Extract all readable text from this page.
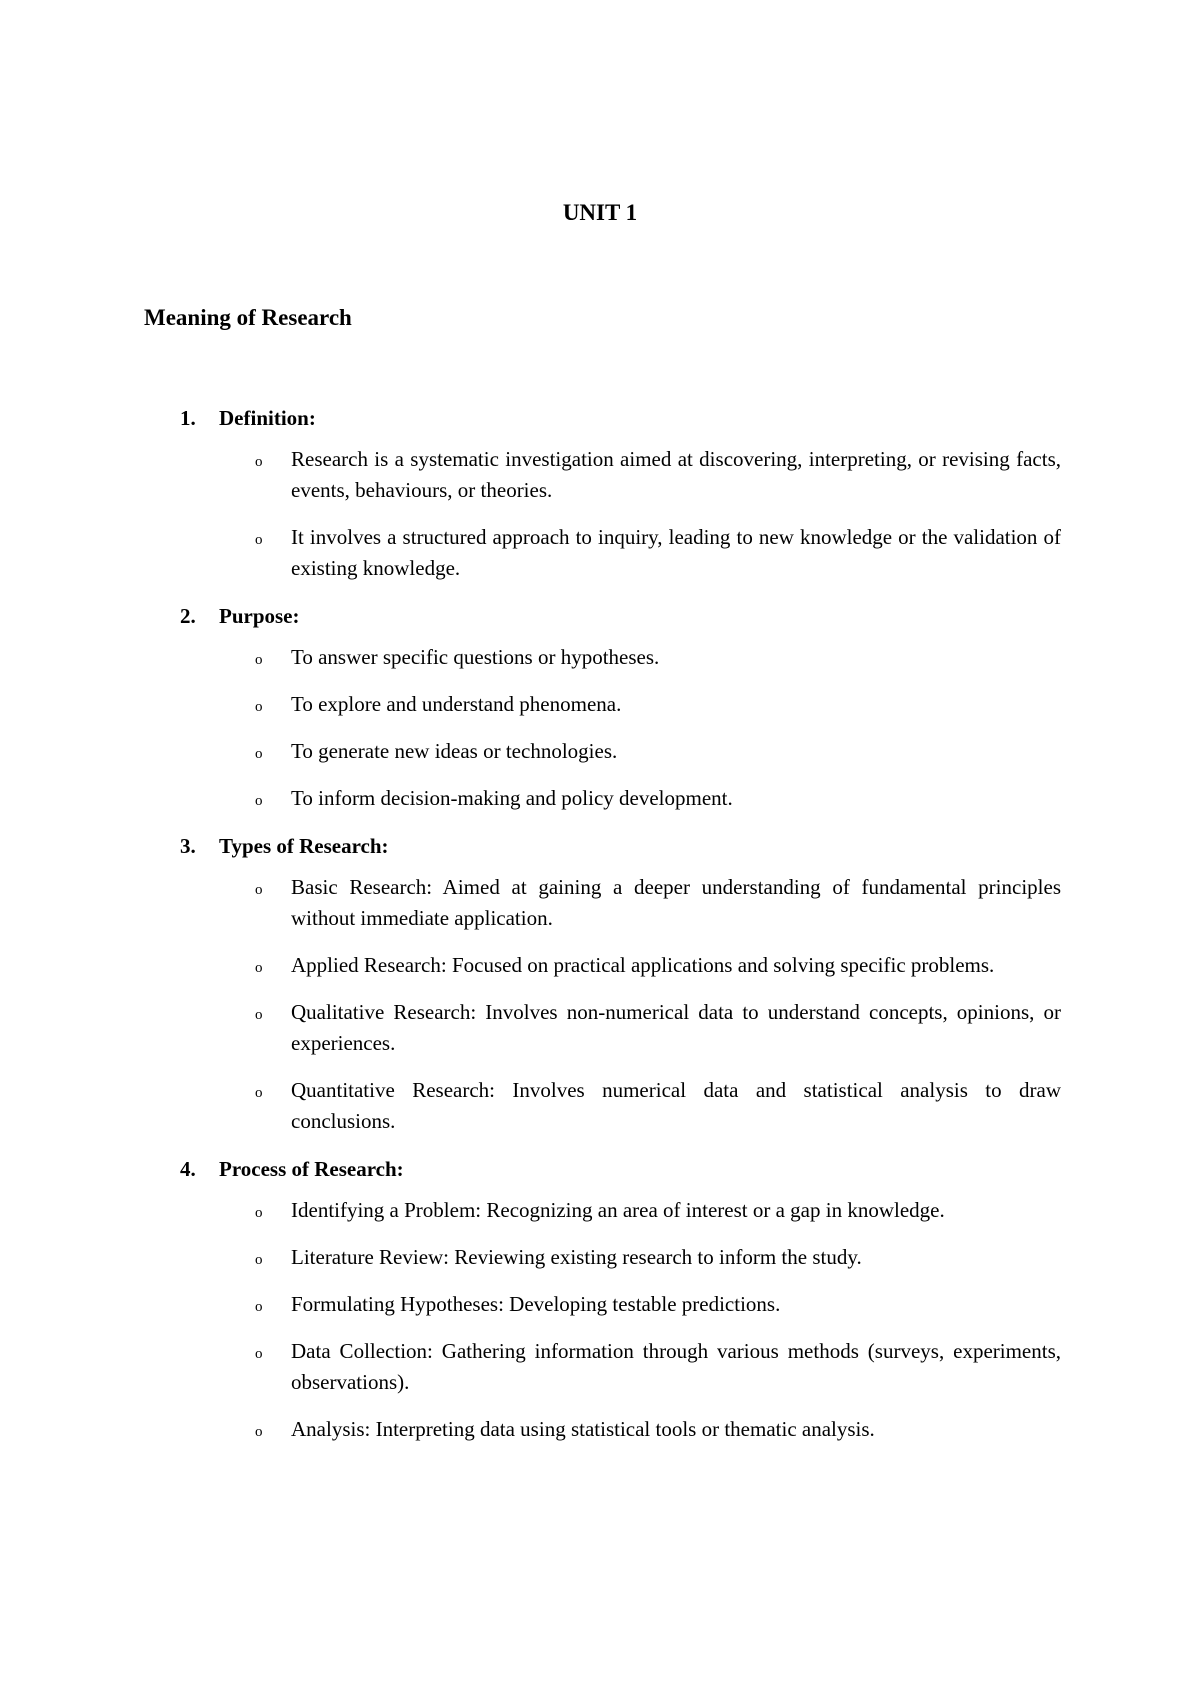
UNIT 1
Meaning of Research
1. Definition:
o Research is a systematic investigation aimed at discovering, interpreting, or revising facts, events, behaviours, or theories.
o It involves a structured approach to inquiry, leading to new knowledge or the validation of existing knowledge.
2. Purpose:
o To answer specific questions or hypotheses.
o To explore and understand phenomena.
o To generate new ideas or technologies.
o To inform decision-making and policy development.
3. Types of Research:
o Basic Research: Aimed at gaining a deeper understanding of fundamental principles without immediate application.
o Applied Research: Focused on practical applications and solving specific problems.
o Qualitative Research: Involves non-numerical data to understand concepts, opinions, or experiences.
o Quantitative Research: Involves numerical data and statistical analysis to draw conclusions.
4. Process of Research:
o Identifying a Problem: Recognizing an area of interest or a gap in knowledge.
o Literature Review: Reviewing existing research to inform the study.
o Formulating Hypotheses: Developing testable predictions.
o Data Collection: Gathering information through various methods (surveys, experiments, observations).
o Analysis: Interpreting data using statistical tools or thematic analysis.
